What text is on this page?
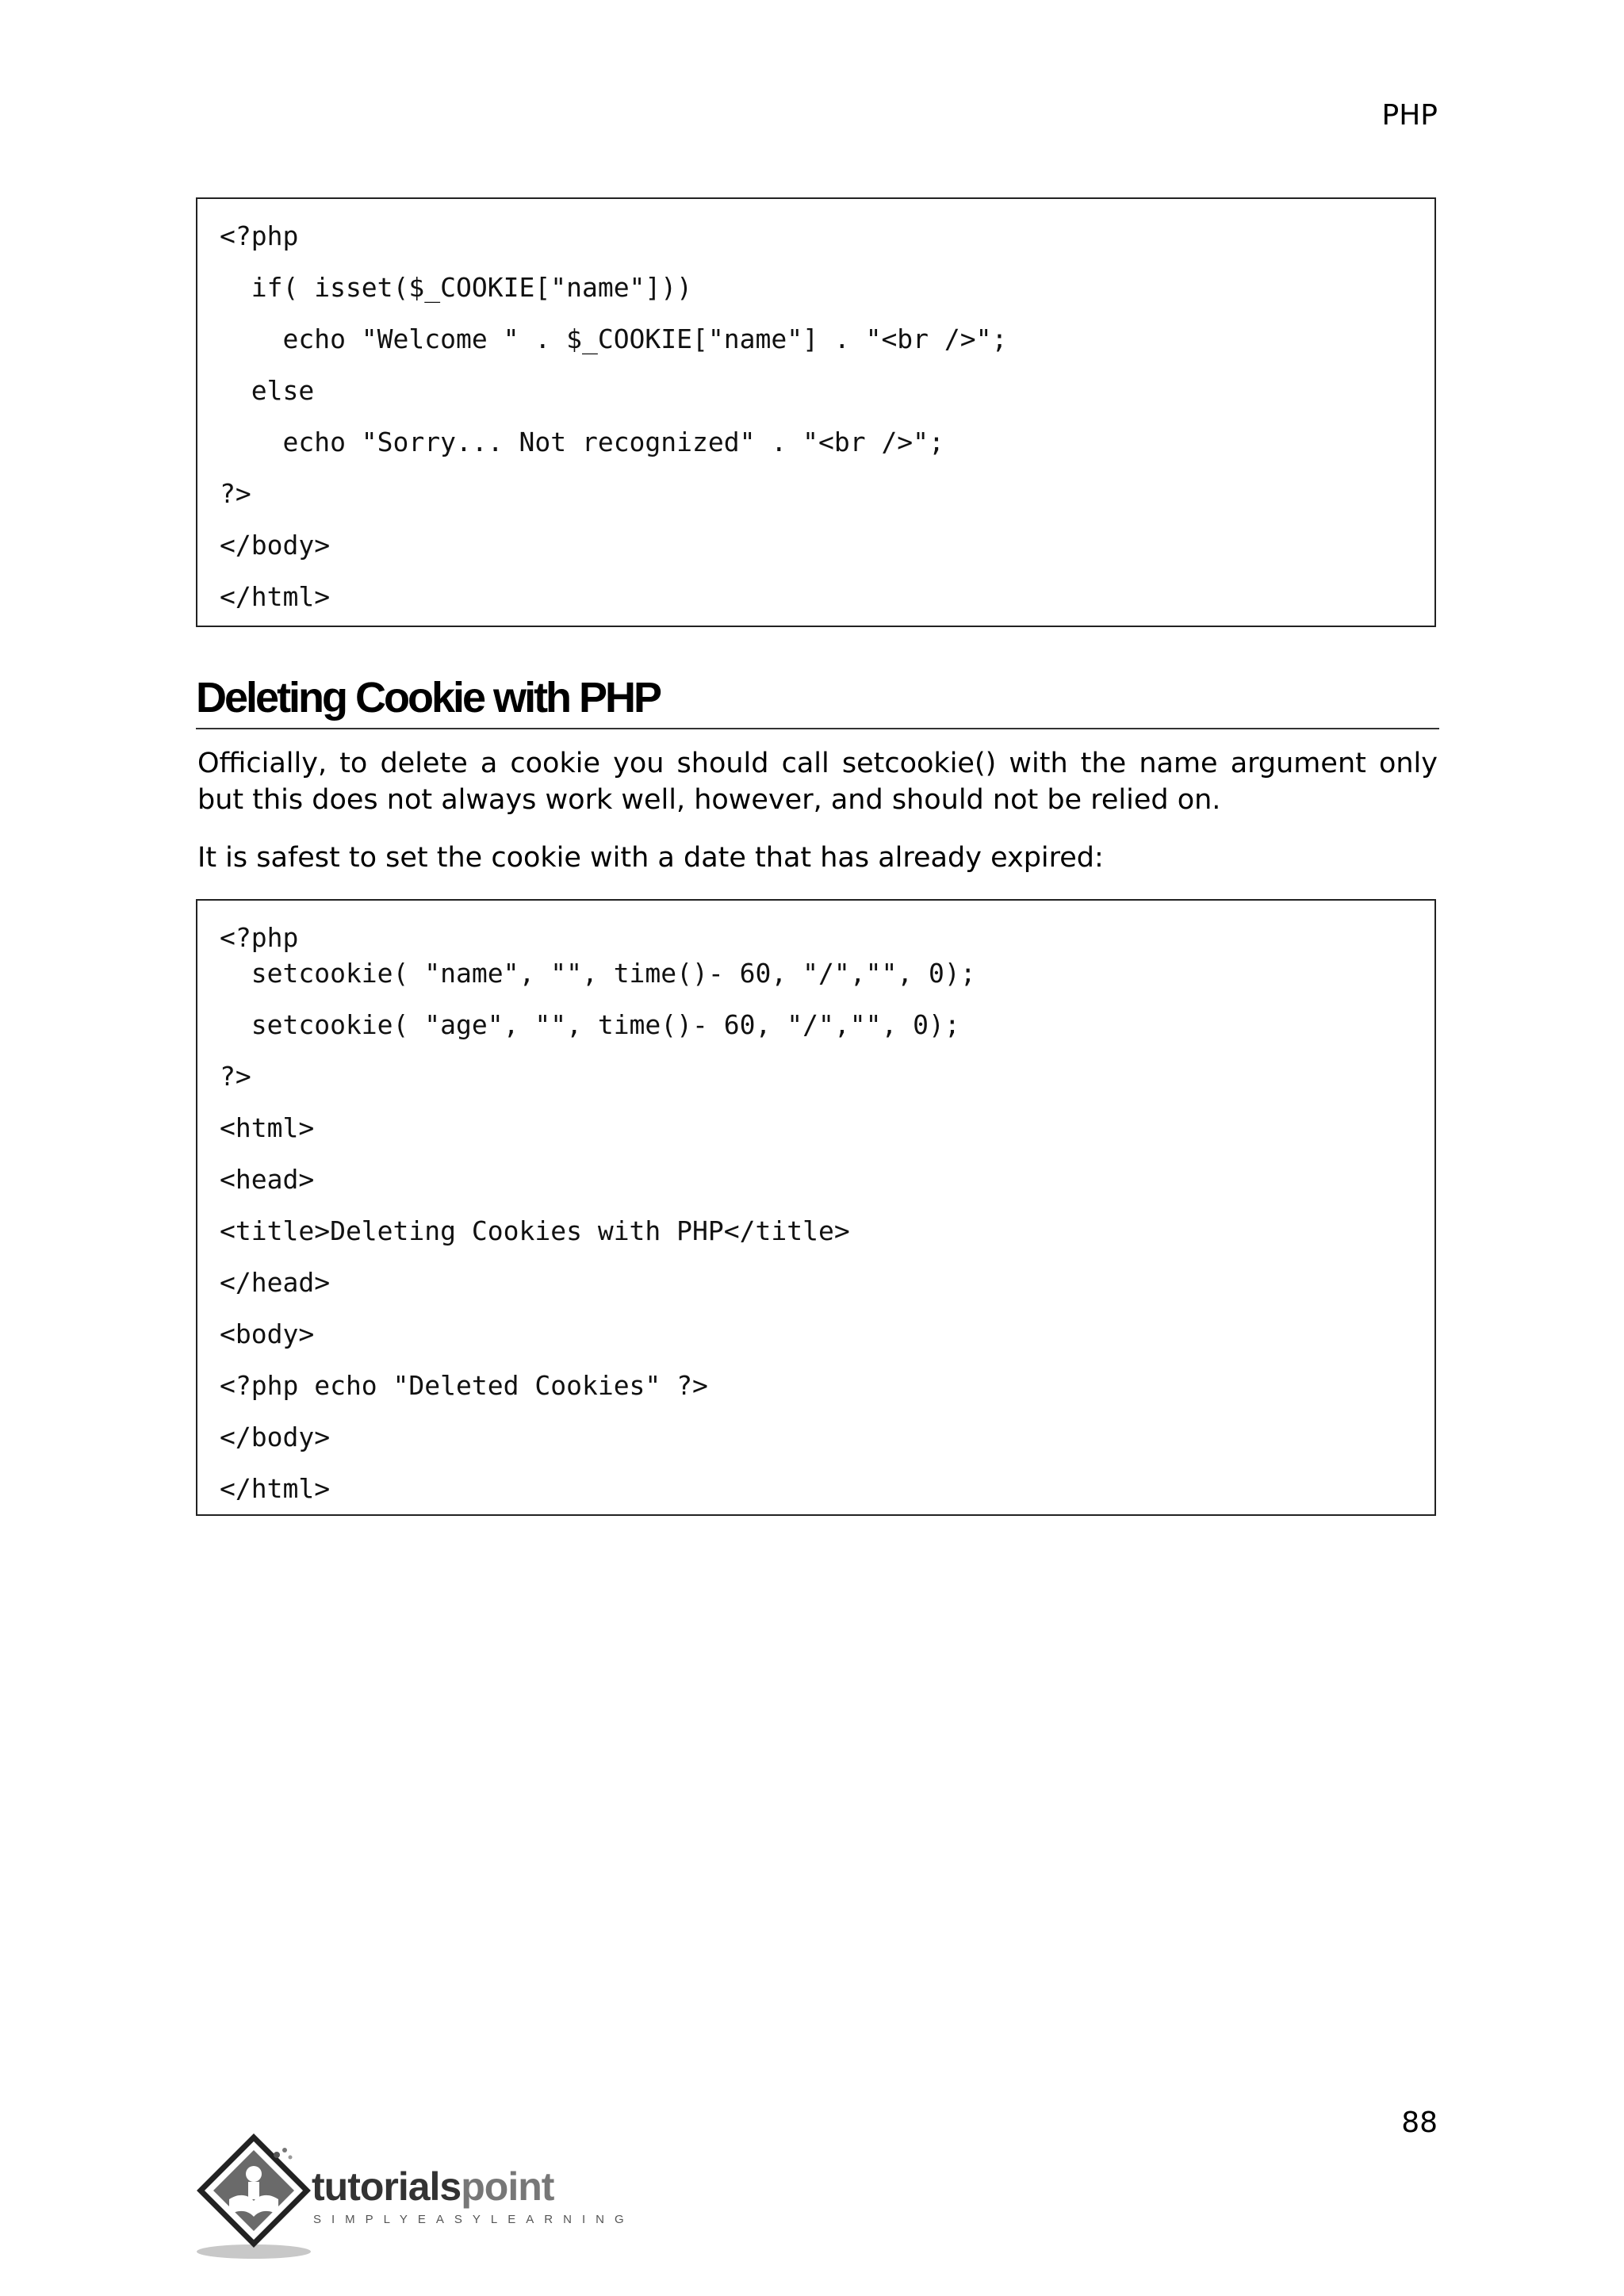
PHP
<?php
if( isset($_COOKIE["name"]))
echo "Welcome " . $_COOKIE["name"] . "<br />";
else
echo "Sorry... Not recognized" . "<br />";
?>
</body>
</html>
Deleting Cookie with PHP
Officially, to delete a cookie you should call setcookie() with the name argument only but this does not always work well, however, and should not be relied on.
It is safest to set the cookie with a date that has already expired:
<?php
setcookie( "name", "", time()- 60, "/","", 0);
setcookie( "age", "", time()- 60, "/","", 0);
?>
<html>
<head>
<title>Deleting Cookies with PHP</title>
</head>
<body>
<?php echo "Deleted Cookies" ?>
</body>
</html>
88
tutorialspoint
SIMPLYEASYLEARNING
